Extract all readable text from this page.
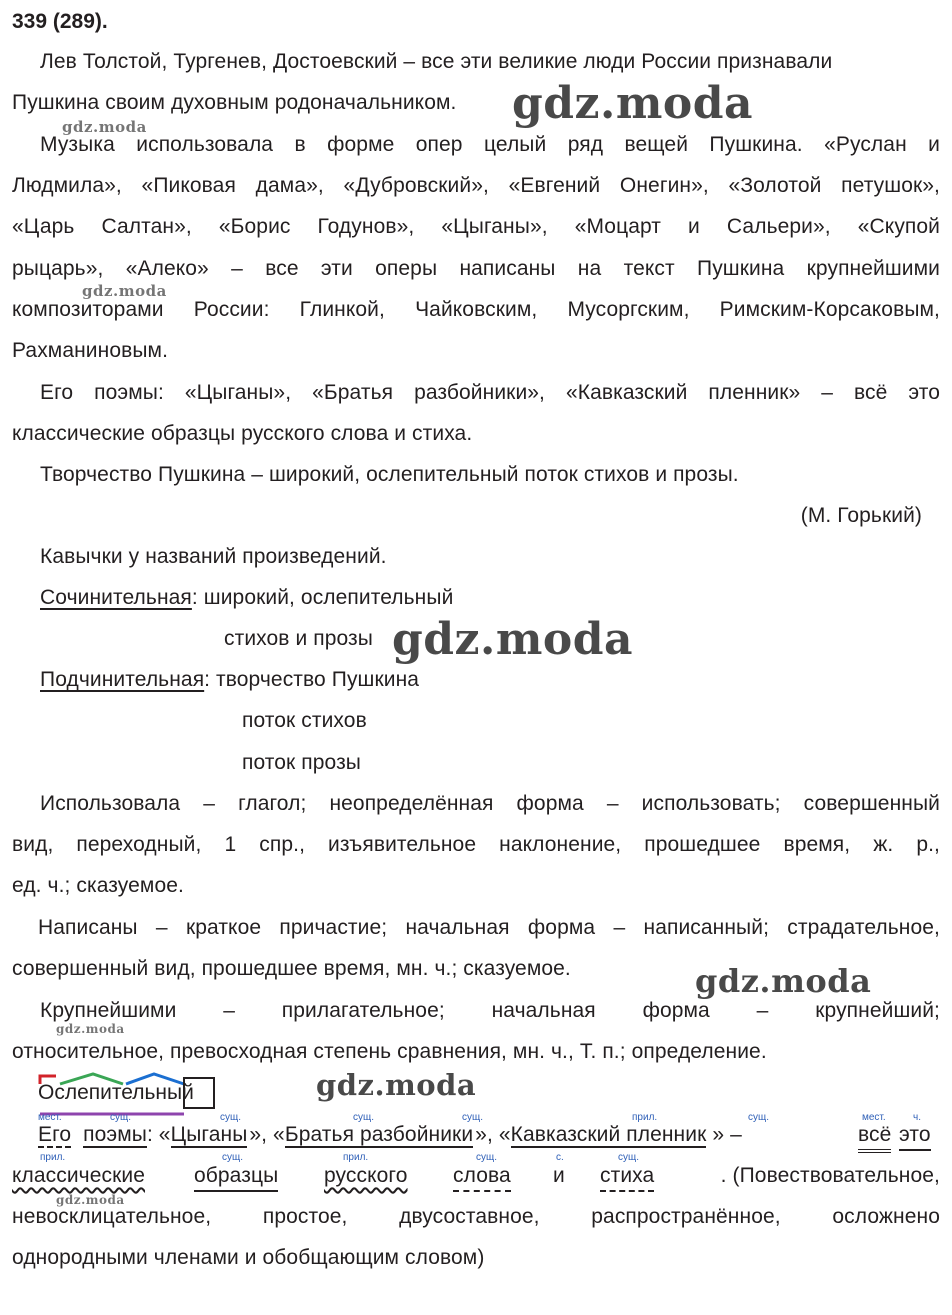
339 (289).
Лев Толстой, Тургенев, Достоевский – все эти великие люди России признавали
Пушкина своим духовным родоначальником.
Музыка использовала в форме опер целый ряд вещей Пушкина. «Руслан и
Людмила», «Пиковая дама», «Дубровский», «Евгений Онегин», «Золотой петушок»,
«Царь Салтан», «Борис Годунов», «Цыганы», «Моцарт и Сальери», «Скупой
рыцарь», «Алеко» – все эти оперы написаны на текст Пушкина крупнейшими
композиторами России: Глинкой, Чайковским, Мусоргским, Римским-Корсаковым,
Рахманиновым.
Его поэмы: «Цыганы», «Братья разбойники», «Кавказский пленник» – всё это
классические образцы русского слова и стиха.
Творчество Пушкина – широкий, ослепительный поток стихов и прозы.
(М. Горький)
Кавычки у названий произведений.
Сочинительная: широкий, ослепительный
стихов и прозы
Подчинительная: творчество Пушкина
поток стихов
поток прозы
Использовала – глагол; неопределённая форма – использовать; совершенный
вид, переходный, 1 спр., изъявительное наклонение, прошедшее время, ж. р.,
ед. ч.; сказуемое.
Написаны – краткое причастие; начальная форма – написанный; страдательное,
совершенный вид, прошедшее время, мн. ч.; сказуемое.
Крупнейшими – прилагательное; начальная форма – крупнейший;
относительное, превосходная степень сравнения, мн. ч., Т. п.; определение.
Ослепительный
мест.	сущ.	сущ.	сущ.	сущ.	прил.	сущ.	мест.	ч.
Его поэмы: «Цыганы», «Братья разбойники», «Кавказский пленник » –	всё это
прил.	сущ.	прил.	сущ.	с.	сущ.
классические образцы русского слова и стиха	. (Повествовательное,
невосклицательное, простое, двусоставное, распространённое, осложнено
однородными членами и обобщающим словом)
gdz.moda
gdz.moda
gdz.moda
gdz.moda
gdz.moda
gdz.moda
gdz.moda
gdz.moda
